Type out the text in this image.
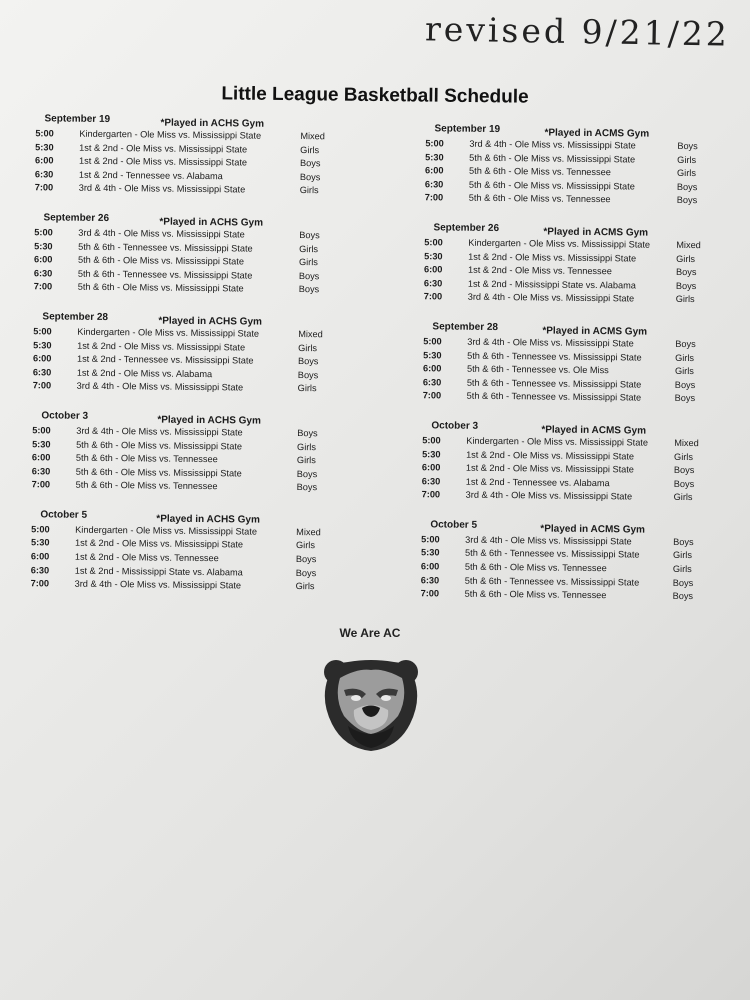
revised 9/21/22
Little League Basketball Schedule
September 19	*Played in ACHS Gym
5:00	Kindergarten - Ole Miss vs. Mississippi State	Mixed
5:30	1st & 2nd - Ole Miss vs. Mississippi State	Girls
6:00	1st & 2nd - Ole Miss vs. Mississippi State	Boys
6:30	1st & 2nd - Tennessee vs. Alabama	Boys
7:00	3rd & 4th - Ole Miss vs. Mississippi State	Girls
September 26	*Played in ACHS Gym
5:00	3rd & 4th - Ole Miss vs. Mississippi State	Boys
5:30	5th & 6th - Tennessee vs. Mississippi State	Girls
6:00	5th & 6th - Ole Miss vs. Mississippi State	Girls
6:30	5th & 6th - Tennessee vs. Mississippi State	Boys
7:00	5th & 6th - Ole Miss vs. Mississippi State	Boys
September 28	*Played in ACHS Gym
5:00	Kindergarten - Ole Miss vs. Mississippi State	Mixed
5:30	1st & 2nd - Ole Miss vs. Mississippi State	Girls
6:00	1st & 2nd - Tennessee vs. Mississippi State	Boys
6:30	1st & 2nd - Ole Miss vs. Alabama	Boys
7:00	3rd & 4th - Ole Miss vs. Mississippi State	Girls
October 3	*Played in ACHS Gym
5:00	3rd & 4th - Ole Miss vs. Mississippi State	Boys
5:30	5th & 6th - Ole Miss vs. Mississippi State	Girls
6:00	5th & 6th - Ole Miss vs. Tennessee	Girls
6:30	5th & 6th - Ole Miss vs. Mississippi State	Boys
7:00	5th & 6th - Ole Miss vs. Tennessee	Boys
October 5	*Played in ACHS Gym
5:00	Kindergarten - Ole Miss vs. Mississippi State	Mixed
5:30	1st & 2nd - Ole Miss vs. Mississippi State	Girls
6:00	1st & 2nd - Ole Miss vs. Tennessee	Boys
6:30	1st & 2nd - Mississippi State vs. Alabama	Boys
7:00	3rd & 4th - Ole Miss vs. Mississippi State	Girls
September 19	*Played in ACMS Gym
5:00	3rd & 4th - Ole Miss vs. Mississippi State	Boys
5:30	5th & 6th - Ole Miss vs. Mississippi State	Girls
6:00	5th & 6th - Ole Miss vs. Tennessee	Girls
6:30	5th & 6th - Ole Miss vs. Mississippi State	Boys
7:00	5th & 6th - Ole Miss vs. Tennessee	Boys
September 26	*Played in ACMS Gym
5:00	Kindergarten - Ole Miss vs. Mississippi State	Mixed
5:30	1st & 2nd - Ole Miss vs. Mississippi State	Girls
6:00	1st & 2nd - Ole Miss vs. Tennessee	Boys
6:30	1st & 2nd - Mississippi State vs. Alabama	Boys
7:00	3rd & 4th - Ole Miss vs. Mississippi State	Girls
September 28	*Played in ACMS Gym
5:00	3rd & 4th - Ole Miss vs. Mississippi State	Boys
5:30	5th & 6th - Tennessee vs. Mississippi State	Girls
6:00	5th & 6th - Tennessee vs. Ole Miss	Girls
6:30	5th & 6th - Tennessee vs. Mississippi State	Boys
7:00	5th & 6th - Tennessee vs. Mississippi State	Boys
October 3	*Played in ACMS Gym
5:00	Kindergarten - Ole Miss vs. Mississippi State	Mixed
5:30	1st & 2nd - Ole Miss vs. Mississippi State	Girls
6:00	1st & 2nd - Ole Miss vs. Mississippi State	Boys
6:30	1st & 2nd - Tennessee vs. Alabama	Boys
7:00	3rd & 4th - Ole Miss vs. Mississippi State	Girls
October 5	*Played in ACMS Gym
5:00	3rd & 4th - Ole Miss vs. Mississippi State	Boys
5:30	5th & 6th - Tennessee vs. Mississippi State	Girls
6:00	5th & 6th - Ole Miss vs. Tennessee	Girls
6:30	5th & 6th - Tennessee vs. Mississippi State	Boys
7:00	5th & 6th - Ole Miss vs. Tennessee	Boys
We Are AC
